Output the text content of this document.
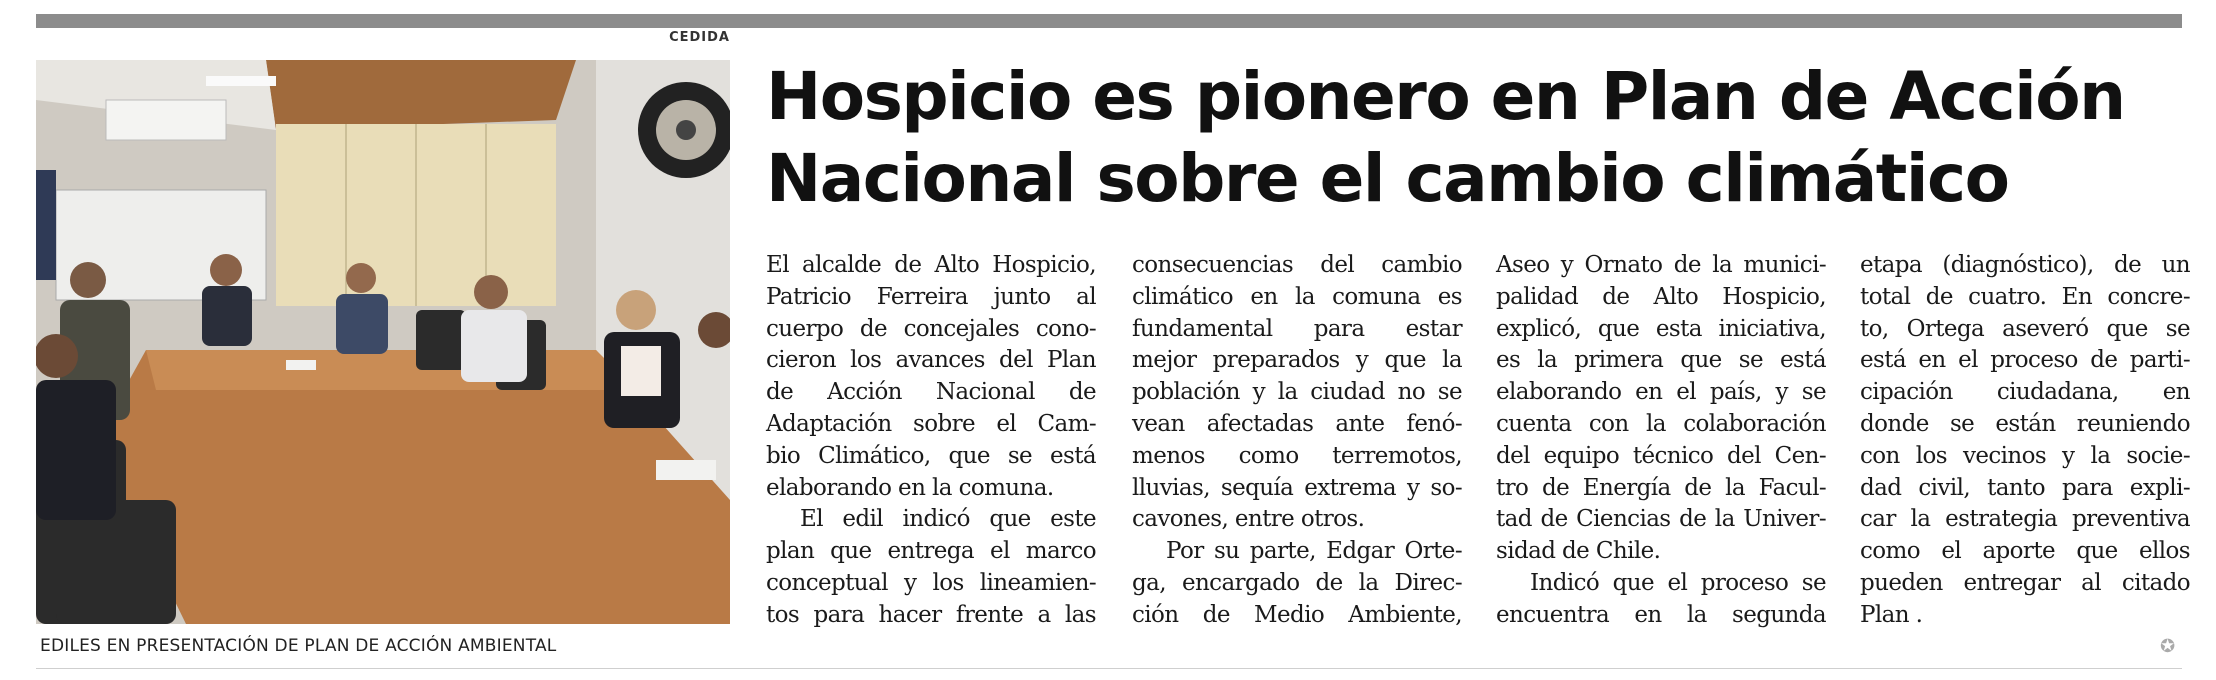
CEDIDA
EDILES EN PRESENTACIÓN DE PLAN DE ACCIÓN AMBIENTAL
Hospicio es pionero en Plan de Acción
Nacional sobre el cambio climático
El alcalde de Alto Hospicio,
Patricio Ferreira junto al
cuerpo de concejales cono-
cieron los avances del Plan
de Acción Nacional de
Adaptación sobre el Cam-
bio Climático, que se está
elaborando en la comuna.
El edil indicó que este
plan que entrega el marco
conceptual y los lineamien-
tos para hacer frente a las
consecuencias del cambio
climático en la comuna es
fundamental para estar
mejor preparados y que la
población y la ciudad no se
vean afectadas ante fenó-
menos como terremotos,
lluvias, sequía extrema y so-
cavones, entre otros.
Por su parte, Edgar Orte-
ga, encargado de la Direc-
ción de Medio Ambiente,
Aseo y Ornato de la munici-
palidad de Alto Hospicio,
explicó, que esta iniciativa,
es la primera que se está
elaborando en el país, y se
cuenta con la colaboración
del equipo técnico del Cen-
tro de Energía de la Facul-
tad de Ciencias de la Univer-
sidad de Chile.
Indicó que el proceso se
encuentra en la segunda
etapa (diagnóstico), de un
total de cuatro. En concre-
to, Ortega aseveró que se
está en el proceso de parti-
cipación ciudadana, en
donde se están reuniendo
con los vecinos y la socie-
dad civil, tanto para expli-
car la estrategia preventiva
como el aporte que ellos
pueden entregar al citado
Plan .
✪
